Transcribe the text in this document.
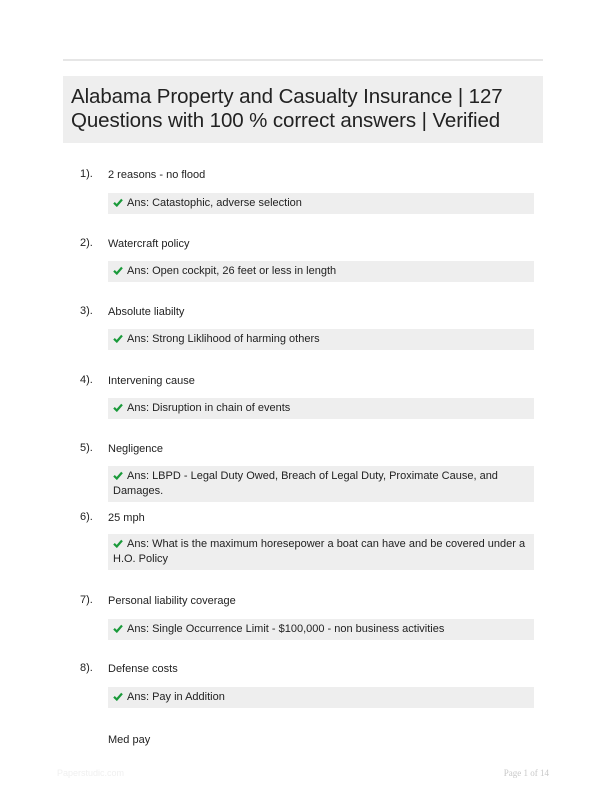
Alabama Property and Casualty Insurance | 127 Questions with 100 % correct answers | Verified
1). 2 reasons - no flood
Ans: Catastophic, adverse selection
2). Watercraft policy
Ans: Open cockpit, 26 feet or less in length
3). Absolute liabilty
Ans: Strong Liklihood of harming others
4). Intervening cause
Ans: Disruption in chain of events
5). Negligence
Ans: LBPD - Legal Duty Owed, Breach of Legal Duty, Proximate Cause, and Damages.
6). 25 mph
Ans: What is the maximum horesepower a boat can have and be covered under a H.O. Policy
7). Personal liability coverage
Ans: Single Occurrence Limit - $100,000 - non business activities
8). Defense costs
Ans: Pay in Addition
Med pay
Paperstudic.com	Page 1 of 14
